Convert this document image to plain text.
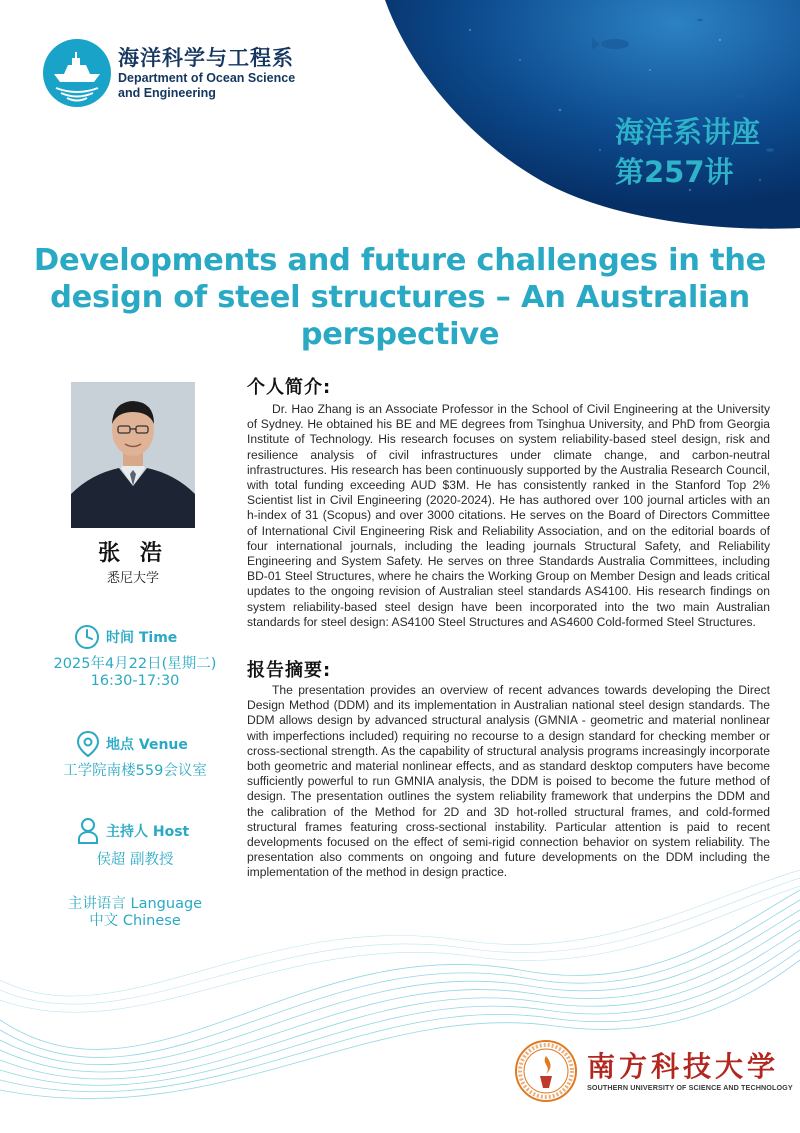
海洋科学与工程系
Department of Ocean Science
and Engineering
海洋系讲座
第257讲
Developments and future challenges in the design of steel structures – An Australian perspective
张 浩
悉尼大学
时间 Time
2025年4月22日(星期二)
16:30-17:30
地点 Venue
工学院南楼559会议室
主持人 Host
侯超 副教授
主讲语言 Language
中文 Chinese
个人简介:
Dr. Hao Zhang is an Associate Professor in the School of Civil Engineering at the University of Sydney. He obtained his BE and ME degrees from Tsinghua University, and PhD from Georgia Institute of Technology. His research focuses on system reliability-based steel design, risk and resilience analysis of civil infrastructures under climate change, and carbon-neutral infrastructures. His research has been continuously supported by the Australia Research Council, with total funding exceeding AUD $3M. He has consistently ranked in the Stanford Top 2% Scientist list in Civil Engineering (2020-2024). He has authored over 100 journal articles with an h-index of 31 (Scopus) and over 3000 citations. He serves on the Board of Directors Committee of International Civil Engineering Risk and Reliability Association, and on the editorial boards of four international journals, including the leading journals Structural Safety, and Reliability Engineering and System Safety. He serves on three Standards Australia Committees, including BD-01 Steel Structures, where he chairs the Working Group on Member Design and leads critical updates to the ongoing revision of Australian steel standards AS4100. His research findings on system reliability-based steel design have been incorporated into the two main Australian standards for steel design: AS4100 Steel Structures and AS4600 Cold-formed Steel Structures.
报告摘要:
The presentation provides an overview of recent advances towards developing the Direct Design Method (DDM) and its implementation in Australian national steel design standards. The DDM allows design by advanced structural analysis (GMNIA - geometric and material nonlinear with imperfections included) requiring no recourse to a design standard for checking member or cross-sectional strength. As the capability of structural analysis programs increasingly incorporate both geometric and material nonlinear effects, and as standard desktop computers have become sufficiently powerful to run GMNIA analysis, the DDM is poised to become the future method of design. The presentation outlines the system reliability framework that underpins the DDM and the calibration of the Method for 2D and 3D hot-rolled structural frames, and cold-formed structural frames featuring cross-sectional instability. Particular attention is paid to recent developments focused on the effect of semi-rigid connection behavior on system reliability. The presentation also comments on ongoing and future developments on the DDM including the implementation of the method in design practice.
南方科技大学
SOUTHERN UNIVERSITY OF SCIENCE AND TECHNOLOGY
